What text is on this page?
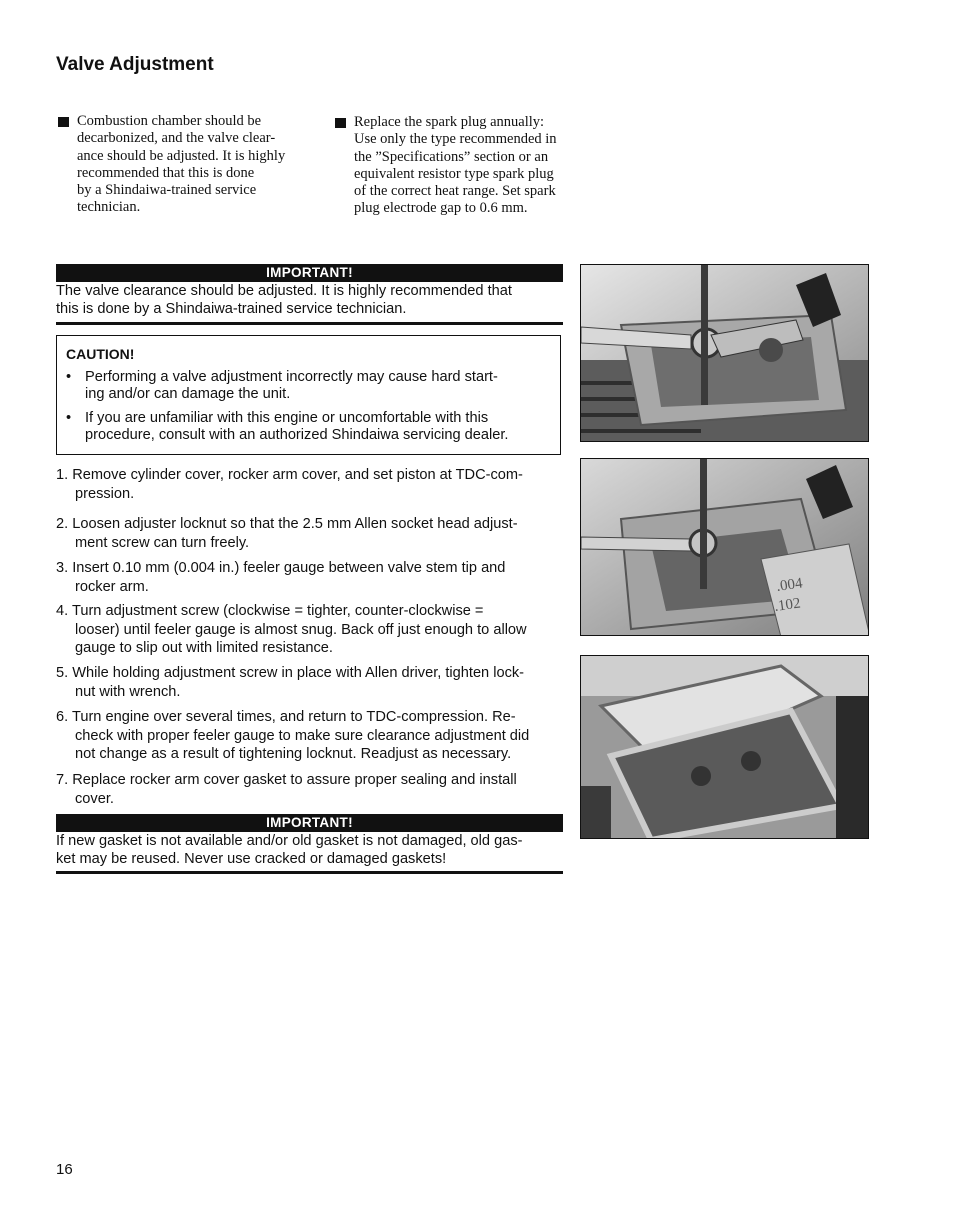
Valve Adjustment
Combustion chamber should be
decarbonized, and the valve clear-
ance should be adjusted. It is highly
recommended that this is done
by a Shindaiwa-trained service
technician.
Replace the spark plug annually:
Use only the type recommended in
the ”Specifications” section or an
equivalent resistor type spark plug
of the correct heat range. Set spark
plug electrode gap to 0.6 mm.
IMPORTANT!
The valve clearance should be adjusted. It is highly recommended that
this is done by a Shindaiwa-trained service technician.
CAUTION!
• Performing a valve adjustment incorrectly may cause hard start-
ing and/or can damage the unit.
• If you are unfamiliar with this engine or uncomfortable with this
procedure, consult with an authorized Shindaiwa servicing dealer.
1. Remove cylinder cover, rocker arm cover, and set piston at TDC-com-
pression.
2. Loosen adjuster locknut so that the 2.5 mm Allen socket head adjust-
ment screw can turn freely.
3. Insert 0.10 mm (0.004 in.) feeler gauge between valve stem tip and
rocker arm.
4. Turn adjustment screw (clockwise = tighter, counter-clockwise =
looser) until feeler gauge is almost snug. Back off just enough to allow
gauge to slip out with limited resistance.
5. While holding adjustment screw in place with Allen driver, tighten lock-
nut with wrench.
6. Turn engine over several times, and return to TDC-compression. Re-
check with proper feeler gauge to make sure clearance adjustment did
not change as a result of tightening locknut. Readjust as necessary.
7. Replace rocker arm cover gasket to assure proper sealing and install
cover.
IMPORTANT!
If new gasket is not available and/or old gasket is not damaged, old gas-
ket may be reused. Never use cracked or damaged gaskets!
.004
.102
16
